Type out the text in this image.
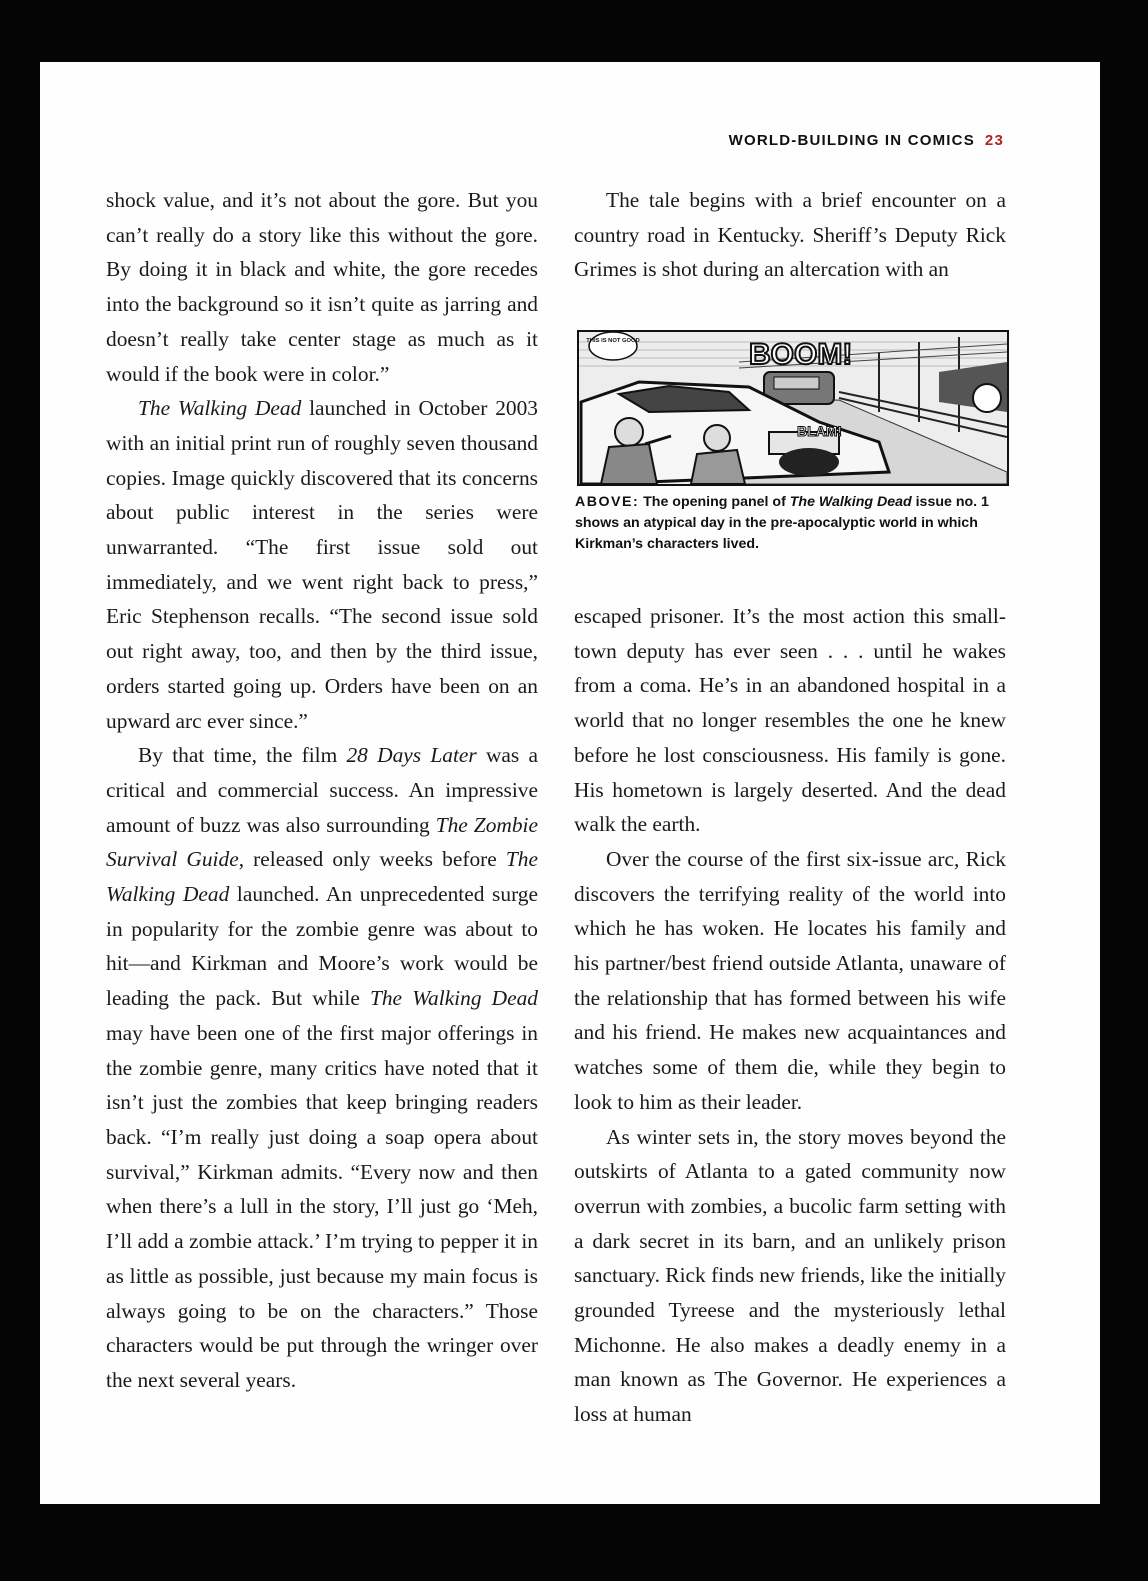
WORLD-BUILDING IN COMICS 23

shock value, and it’s not about the gore. But you can’t really do a story like this without the gore. By doing it in black and white, the gore recedes into the background so it isn’t quite as jarring and doesn’t really take center stage as much as it would if the book were in color.”

The Walking Dead launched in October 2003 with an initial print run of roughly seven thousand copies. Image quickly discovered that its concerns about public interest in the series were unwarranted. “The first issue sold out immediately, and we went right back to press,” Eric Stephenson recalls. “The second issue sold out right away, too, and then by the third issue, orders started going up. Orders have been on an upward arc ever since.”

By that time, the film 28 Days Later was a critical and commercial success. An impressive amount of buzz was also surrounding The Zombie Survival Guide, released only weeks before The Walking Dead launched. An unprecedented surge in popularity for the zombie genre was about to hit—and Kirkman and Moore’s work would be leading the pack. But while The Walking Dead may have been one of the first major offerings in the zombie genre, many critics have noted that it isn’t just the zombies that keep bringing readers back. “I’m really just doing a soap opera about survival,” Kirkman admits. “Every now and then when there’s a lull in the story, I’ll just go ‘Meh, I’ll add a zombie attack.’ I’m trying to pepper it in as little as possible, just because my main focus is always going to be on the characters.” Those characters would be put through the wringer over the next several years.

The tale begins with a brief encounter on a country road in Kentucky. Sheriff’s Deputy Rick Grimes is shot during an altercation with an

THIS IS NOT GOOD	BOOM!
BLAM!
ABOVE: The opening panel of The Walking Dead issue no. 1 shows an atypical day in the pre-apocalyptic world in which Kirkman’s characters lived.

escaped prisoner. It’s the most action this small-town deputy has ever seen . . . until he wakes from a coma. He’s in an abandoned hospital in a world that no longer resembles the one he knew before he lost consciousness. His family is gone. His hometown is largely deserted. And the dead walk the earth.

Over the course of the first six-issue arc, Rick discovers the terrifying reality of the world into which he has woken. He locates his family and his partner/best friend outside Atlanta, unaware of the relationship that has formed between his wife and his friend. He makes new acquaintances and watches some of them die, while they begin to look to him as their leader.

As winter sets in, the story moves beyond the outskirts of Atlanta to a gated community now overrun with zombies, a bucolic farm setting with a dark secret in its barn, and an unlikely prison sanctuary. Rick finds new friends, like the initially grounded Tyreese and the mysteriously lethal Michonne. He also makes a deadly enemy in a man known as The Governor. He experiences a loss at human
